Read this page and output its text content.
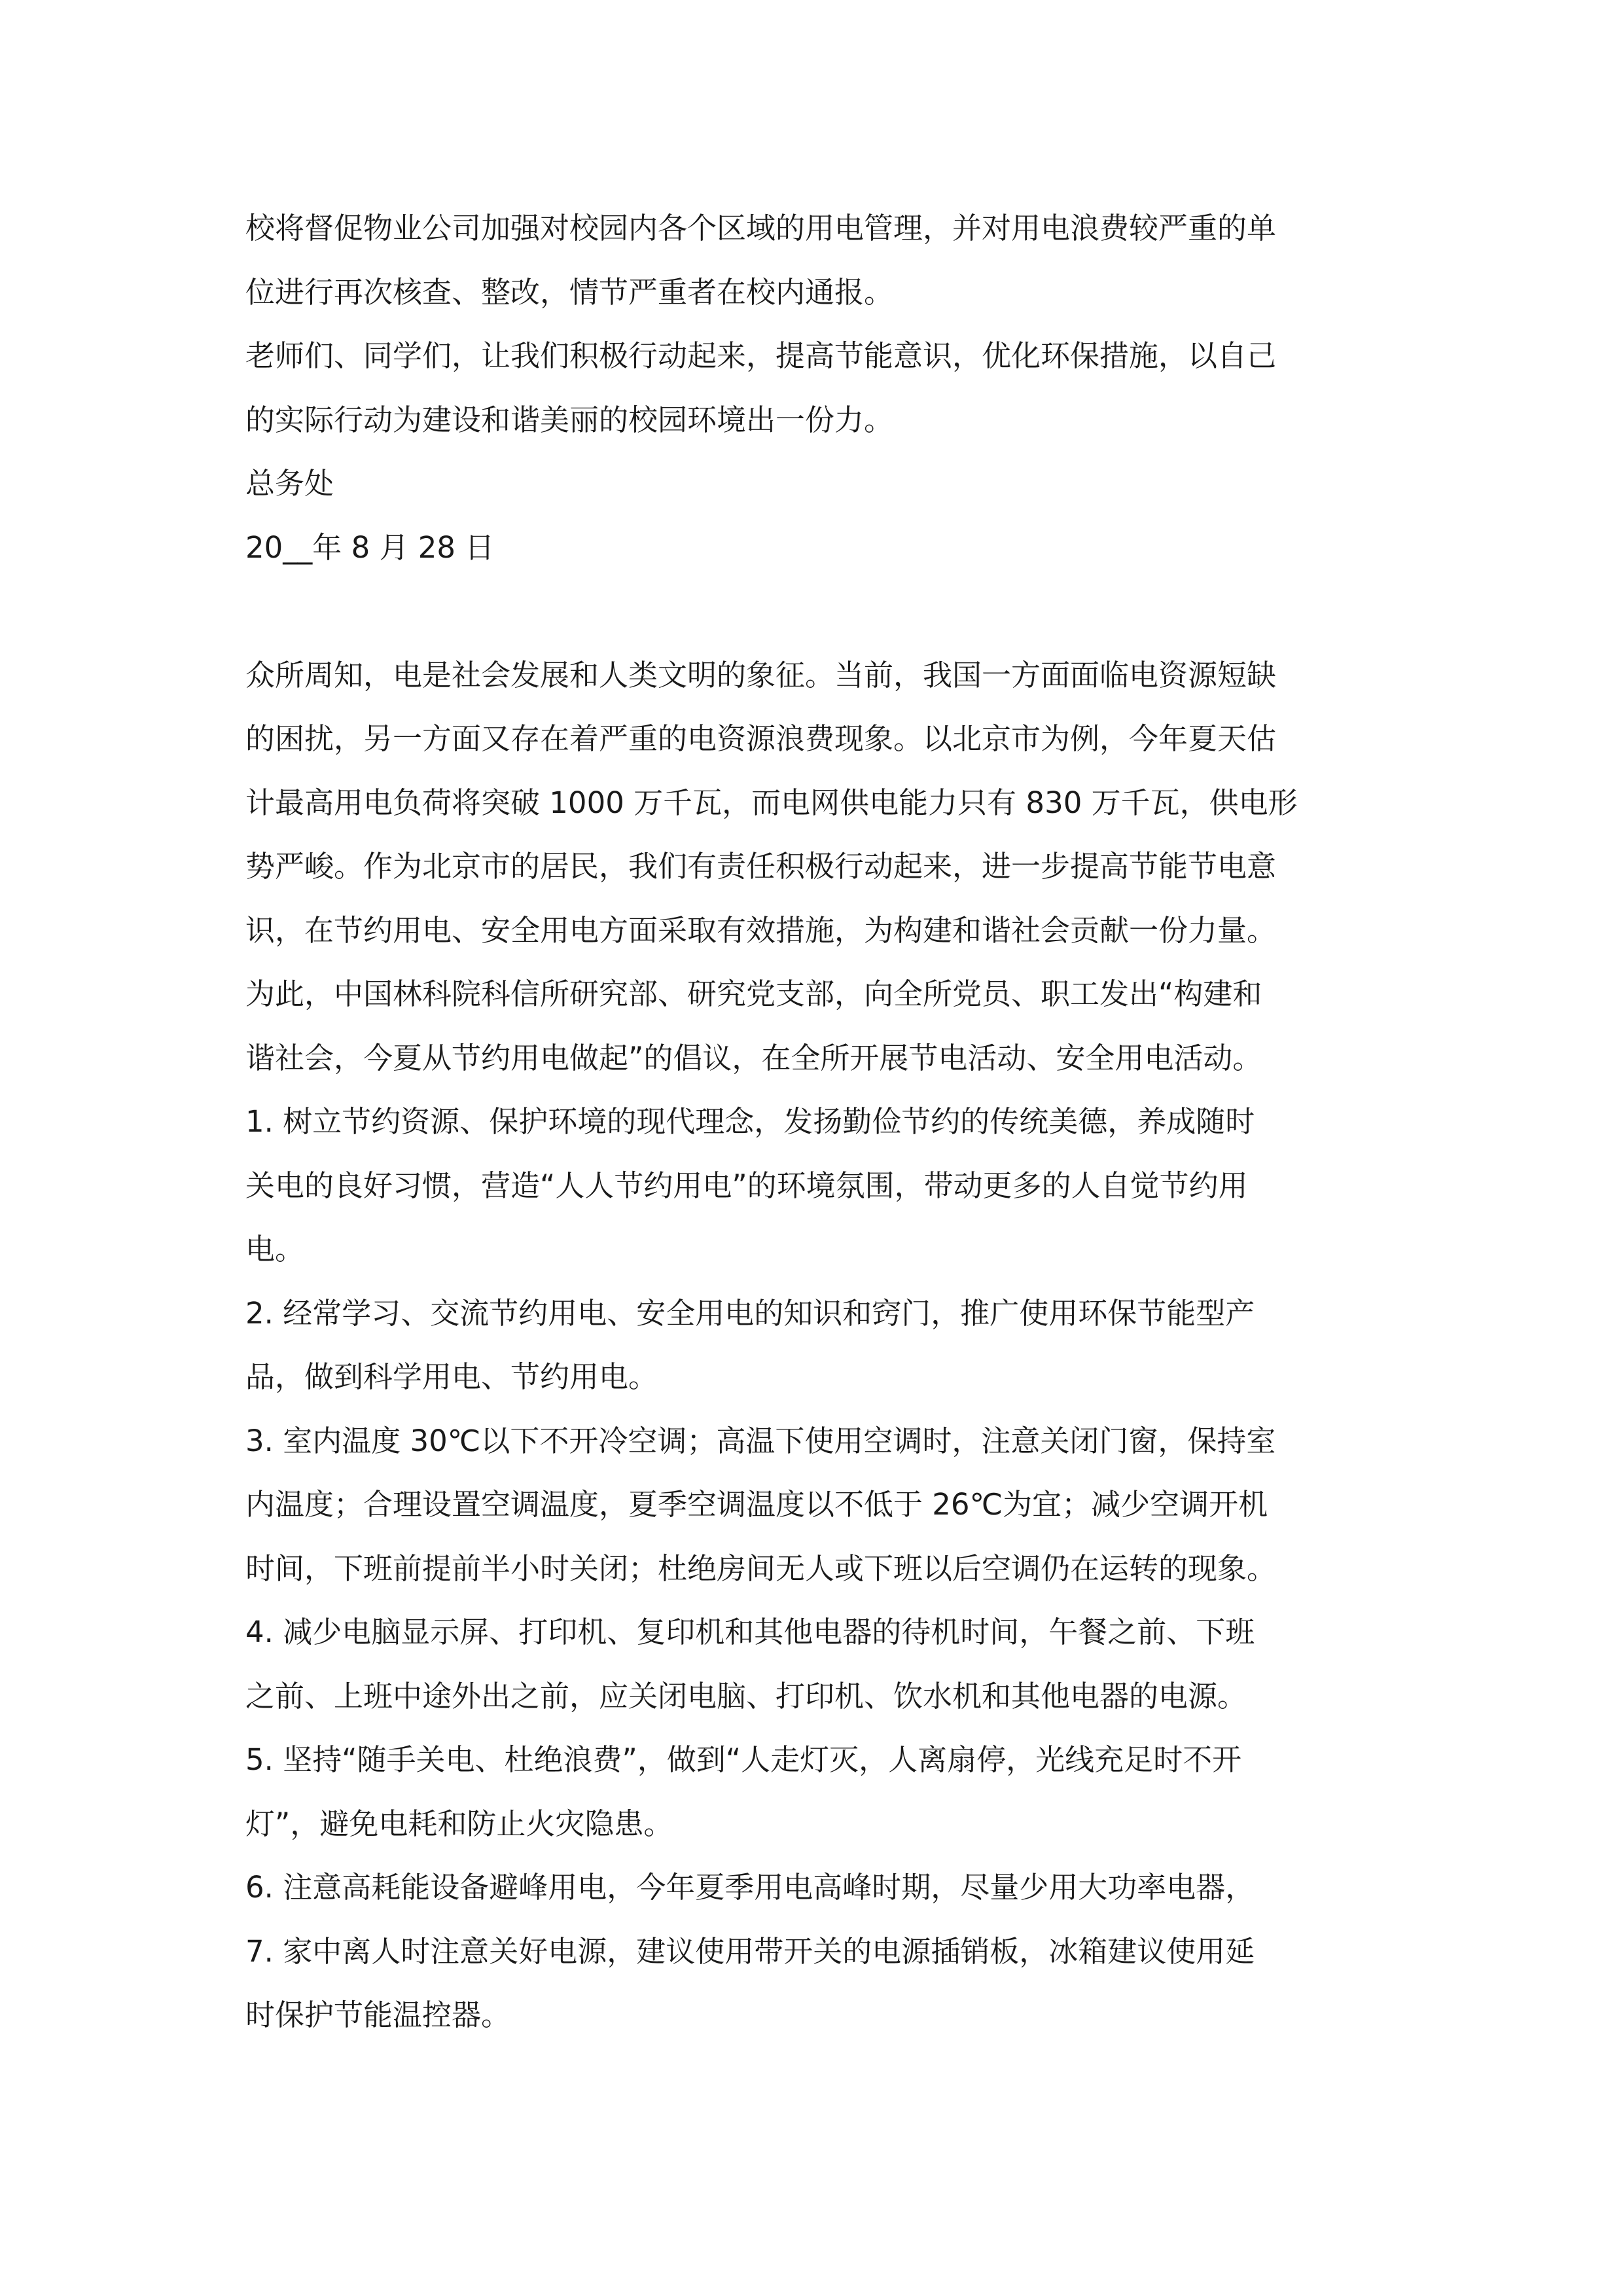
校将督促物业公司加强对校园内各个区域的用电管理，并对用电浪费较严重的单

位进行再次核查、整改，情节严重者在校内通报。

老师们、同学们，让我们积极行动起来，提高节能意识，优化环保措施，以自己

的实际行动为建设和谐美丽的校园环境出一份力。

总务处

20__年 8 月 28 日

众所周知，电是社会发展和人类文明的象征。当前，我国一方面面临电资源短缺

的困扰，另一方面又存在着严重的电资源浪费现象。以北京市为例，今年夏天估

计最高用电负荷将突破 1000 万千瓦，而电网供电能力只有 830 万千瓦，供电形

势严峻。作为北京市的居民，我们有责任积极行动起来，进一步提高节能节电意

识，在节约用电、安全用电方面采取有效措施，为构建和谐社会贡献一份力量。

为此，中国林科院科信所研究部、研究党支部，向全所党员、职工发出“构建和

谐社会，今夏从节约用电做起”的倡议，在全所开展节电活动、安全用电活动。

1. 树立节约资源、保护环境的现代理念，发扬勤俭节约的传统美德，养成随时

关电的良好习惯，营造“人人节约用电”的环境氛围，带动更多的人自觉节约用

电。

2. 经常学习、交流节约用电、安全用电的知识和窍门，推广使用环保节能型产

品，做到科学用电、节约用电。

3. 室内温度 30℃以下不开冷空调；高温下使用空调时，注意关闭门窗，保持室

内温度；合理设置空调温度，夏季空调温度以不低于 26℃为宜；减少空调开机

时间，下班前提前半小时关闭；杜绝房间无人或下班以后空调仍在运转的现象。

4. 减少电脑显示屏、打印机、复印机和其他电器的待机时间，午餐之前、下班

之前、上班中途外出之前，应关闭电脑、打印机、饮水机和其他电器的电源。

5. 坚持“随手关电、杜绝浪费”，做到“人走灯灭，人离扇停，光线充足时不开

灯”，避免电耗和防止火灾隐患。

6. 注意高耗能设备避峰用电，今年夏季用电高峰时期，尽量少用大功率电器，

7. 家中离人时注意关好电源，建议使用带开关的电源插销板，冰箱建议使用延

时保护节能温控器。
